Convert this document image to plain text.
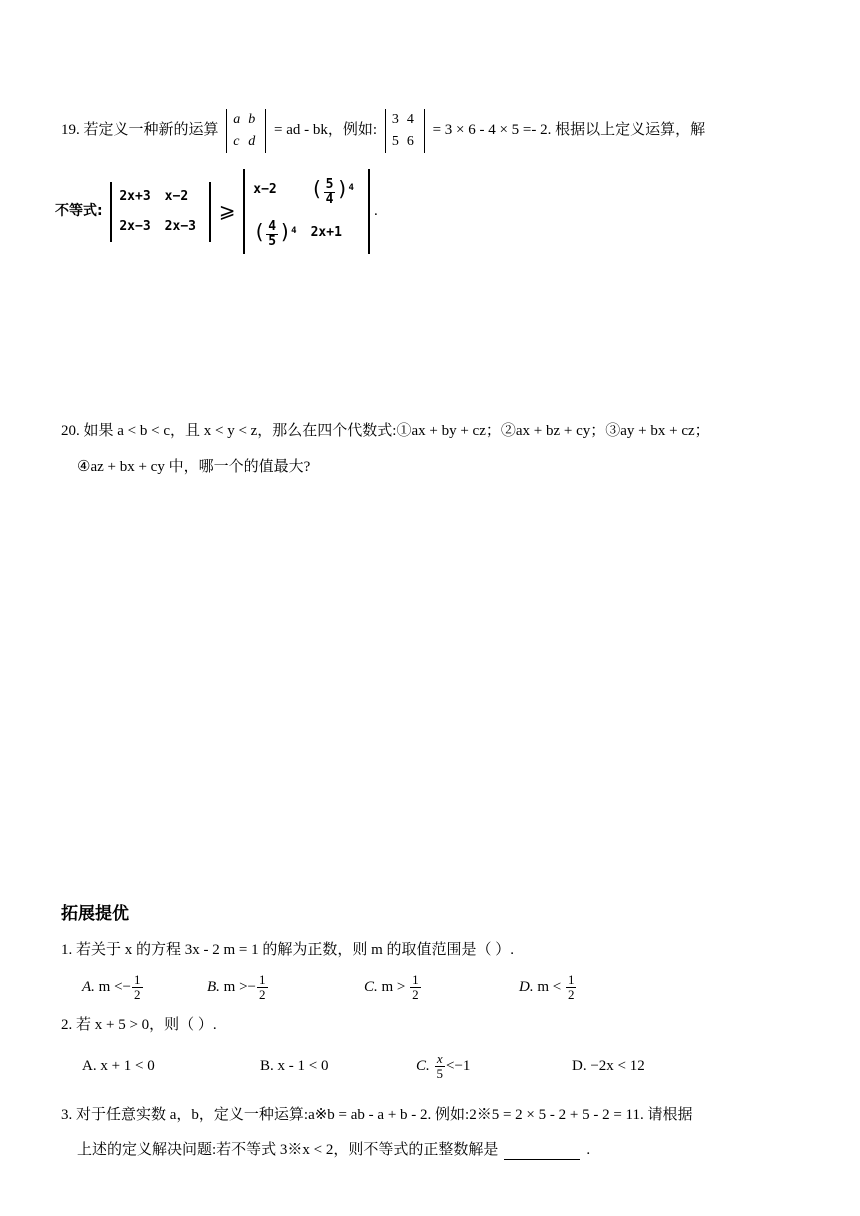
19. 若定义一种新的运算
a	b
c	d
= ad - bk，例如:
3	4
5	6
= 3 × 6 - 4 × 5 =- 2. 根据以上定义运算，解
不等式:
2x+3	x−2
2x−3	2x−3
⩾
x−2	( $\frac{5}{4} )^4$
( $\frac{4}{5} )^4$	2x+1
.
20. 如果 a < b < c，且 x < y < z，那么在四个代数式:①ax + by + cz；②ax + bz + cy；③ay + bx + cz；
④az + bx + cy 中，哪一个的值最大?
拓展提优
1. 若关于 x 的方程 3x - 2 m = 1 的解为正数，则 m 的取值范围是（ ）.
A. $m <- \frac{1}{2}$	B. $m >- \frac{1}{2}$	C. $m > \frac{1}{2}$	D. $m < \frac{1}{2}$
2. 若 x + 5 > 0，则（ ）.
A. x + 1 < 0	B. x - 1 < 0	C. $\frac{x}{5} <-1$	D. −2x < 12
3. 对于任意实数 a，b，定义一种运算:a※b = ab - a + b - 2. 例如:2※5 = 2 × 5 - 2 + 5 - 2 = 11. 请根据
上述的定义解决问题:若不等式 3※x < 2，则不等式的正整数解是	.
